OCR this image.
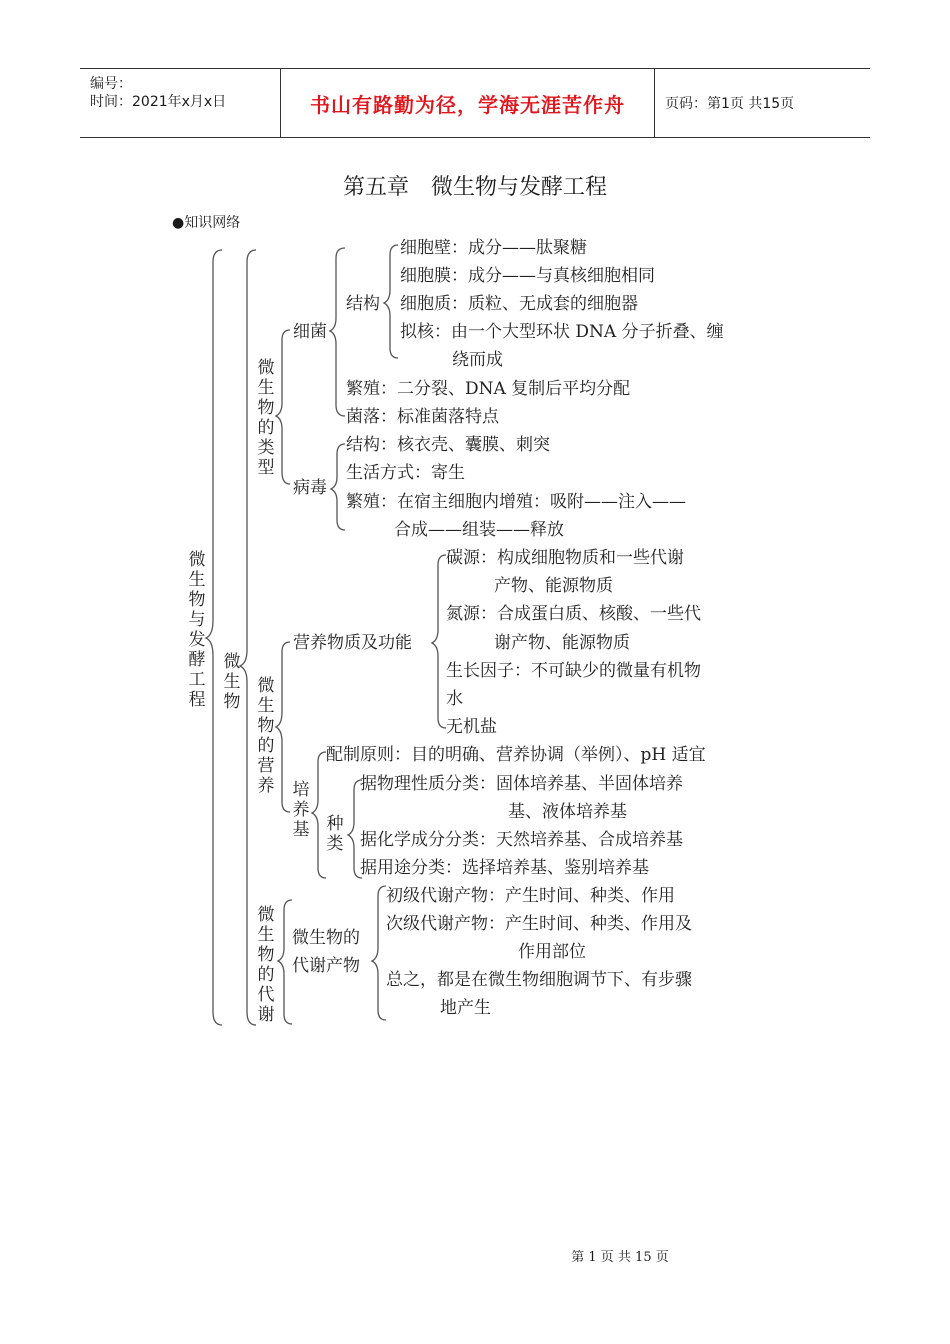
编号：
时间：2021年x月x日	书山有路勤为径，学海无涯苦作舟	页码：第1页 共15页
第五章　微生物与发酵工程
●知识网络
微
生
物
与
发
酵
工
程
微
生
物
微
生
物
的
类
型
微
生
物
的
营
养
微
生
物
的
代
谢
培
养
基 种
类
细菌
结构
细胞壁：成分——肽聚糖
细胞膜：成分——与真核细胞相同
细胞质：质粒、无成套的细胞器
拟核：由一个大型环状 DNA 分子折叠、缠
绕而成
繁殖：二分裂、DNA 复制后平均分配
菌落：标准菌落特点
病毒
结构：核衣壳、囊膜、刺突
生活方式：寄生
繁殖：在宿主细胞内增殖：吸附——注入——
合成——组装——释放
营养物质及功能
碳源：构成细胞物质和一些代谢
产物、能源物质
氮源：合成蛋白质、核酸、一些代
谢产物、能源物质
生长因子：不可缺少的微量有机物
水
无机盐
配制原则：目的明确、营养协调（举例）、pH 适宜
据物理性质分类：固体培养基、半固体培养
基、液体培养基
据化学成分分类：天然培养基、合成培养基
据用途分类：选择培养基、鉴别培养基
微生物的
代谢产物
初级代谢产物：产生时间、种类、作用
次级代谢产物：产生时间、种类、作用及
作用部位
总之，都是在微生物细胞调节下、有步骤
地产生
第 1 页 共 15 页
